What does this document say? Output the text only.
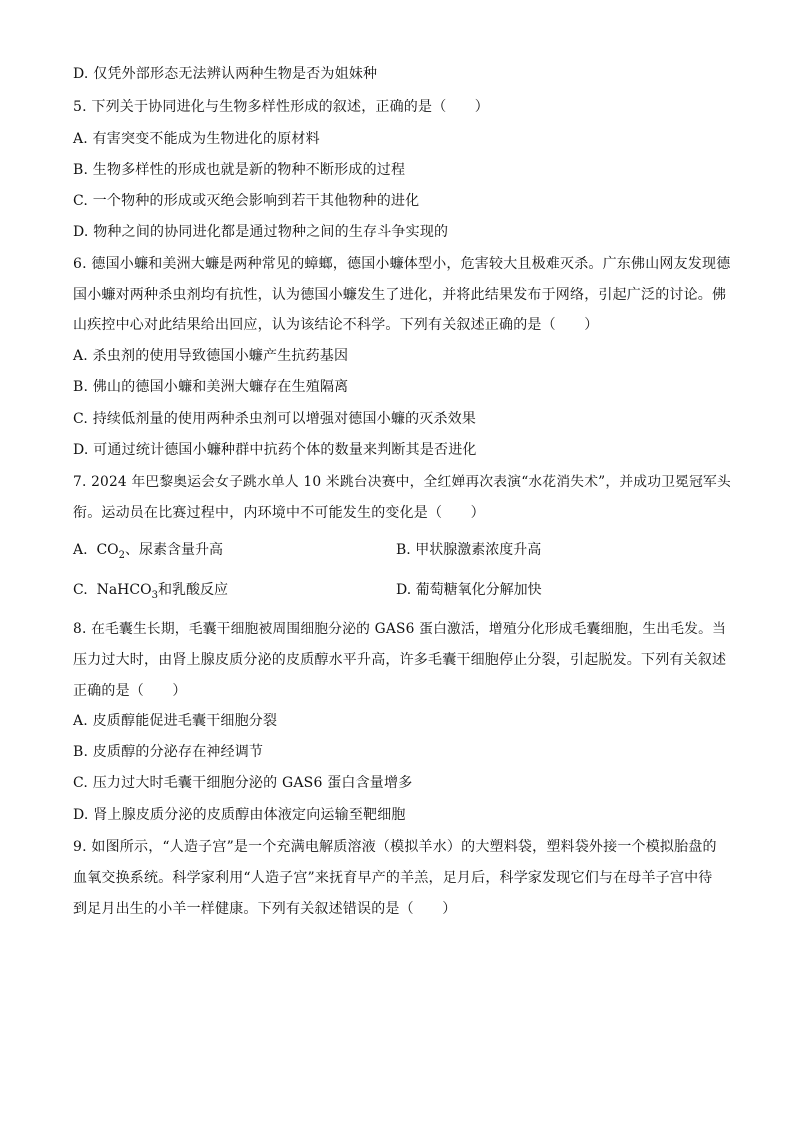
D. 仅凭外部形态无法辨认两种生物是否为姐妹种
5. 下列关于协同进化与生物多样性形成的叙述，正确的是（　　）
A. 有害突变不能成为生物进化的原材料
B. 生物多样性的形成也就是新的物种不断形成的过程
C. 一个物种的形成或灭绝会影响到若干其他物种的进化
D. 物种之间的协同进化都是通过物种之间的生存斗争实现的
6. 德国小蠊和美洲大蠊是两种常见的蟑螂，德国小蠊体型小，危害较大且极难灭杀。广东佛山网友发现德
国小蠊对两种杀虫剂均有抗性，认为德国小蠊发生了进化，并将此结果发布于网络，引起广泛的讨论。佛
山疾控中心对此结果给出回应，认为该结论不科学。下列有关叙述正确的是（　　）
A. 杀虫剂的使用导致德国小蠊产生抗药基因
B. 佛山的德国小蠊和美洲大蠊存在生殖隔离
C. 持续低剂量的使用两种杀虫剂可以增强对德国小蠊的灭杀效果
D. 可通过统计德国小蠊种群中抗药个体的数量来判断其是否进化
7. 2024 年巴黎奥运会女子跳水单人 10 米跳台决赛中，全红婵再次表演“水花消失术”，并成功卫冕冠军头
衔。运动员在比赛过程中，内环境中不可能发生的变化是（　　）
A. $CO_2$、尿素含量升高	B. 甲状腺激素浓度升高
C. NaHCO$_3$和乳酸反应	D. 葡萄糖氧化分解加快
8. 在毛囊生长期，毛囊干细胞被周围细胞分泌的 GAS6 蛋白激活，增殖分化形成毛囊细胞，生出毛发。当
压力过大时，由肾上腺皮质分泌的皮质醇水平升高，许多毛囊干细胞停止分裂，引起脱发。下列有关叙述
正确的是（　　）
A. 皮质醇能促进毛囊干细胞分裂
B. 皮质醇的分泌存在神经调节
C. 压力过大时毛囊干细胞分泌的 GAS6 蛋白含量增多
D. 肾上腺皮质分泌的皮质醇由体液定向运输至靶细胞
9. 如图所示，“人造子宫”是一个充满电解质溶液（模拟羊水）的大塑料袋，塑料袋外接一个模拟胎盘的
血氧交换系统。科学家利用“人造子宫”来抚育早产的羊羔，足月后，科学家发现它们与在母羊子宫中待
到足月出生的小羊一样健康。下列有关叙述错误的是（　　）
